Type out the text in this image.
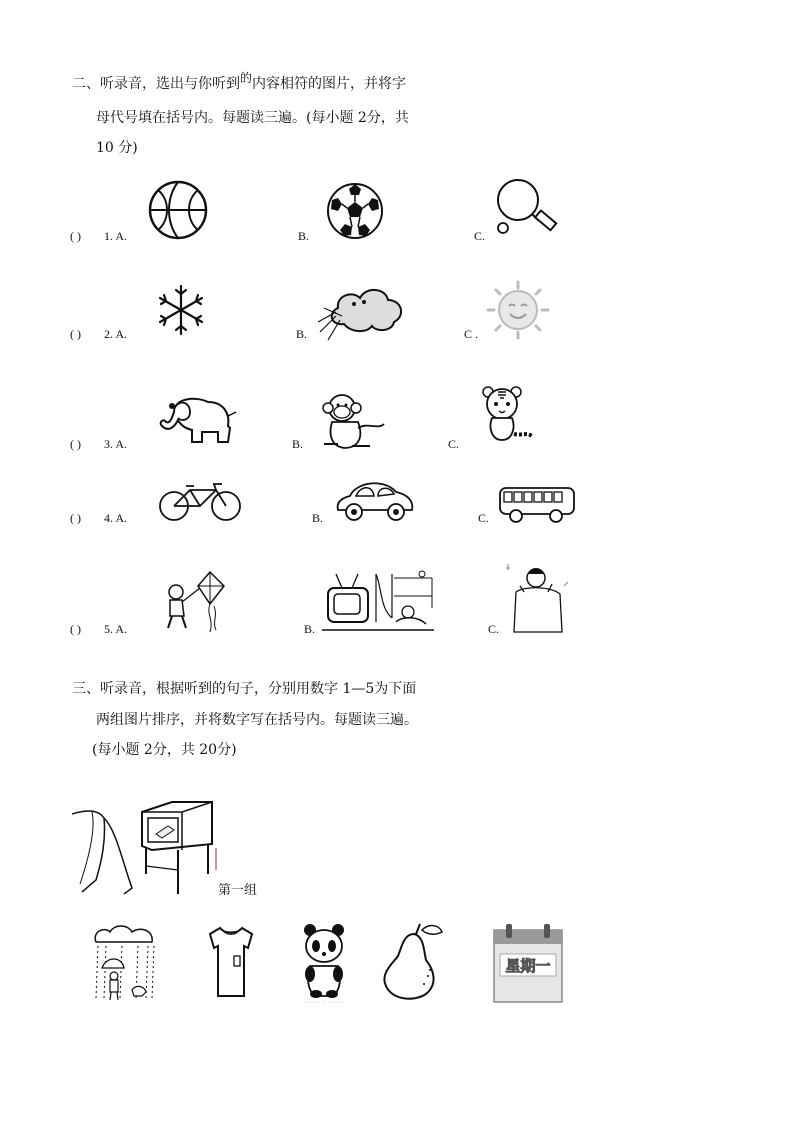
二、听录音，选出与你听到$^的$内容相符的图片，并将字
母代号填在括号内。每题读三遍。(每小题 2分，共
10 分)
( ) 1. A.	B.	C.
( ) 2. A.	B.	C .
( ) 3. A.	B.	C.
( ) 4. A.	B.	C.
( ) 5. A.	B.	C.
三、听录音，根据听到的句子，分别用数字 1—5为下面
两组图片排序，并将数字写在括号内。每题读三遍。
(每小题 2分，共 20分)
第一组
星期一
